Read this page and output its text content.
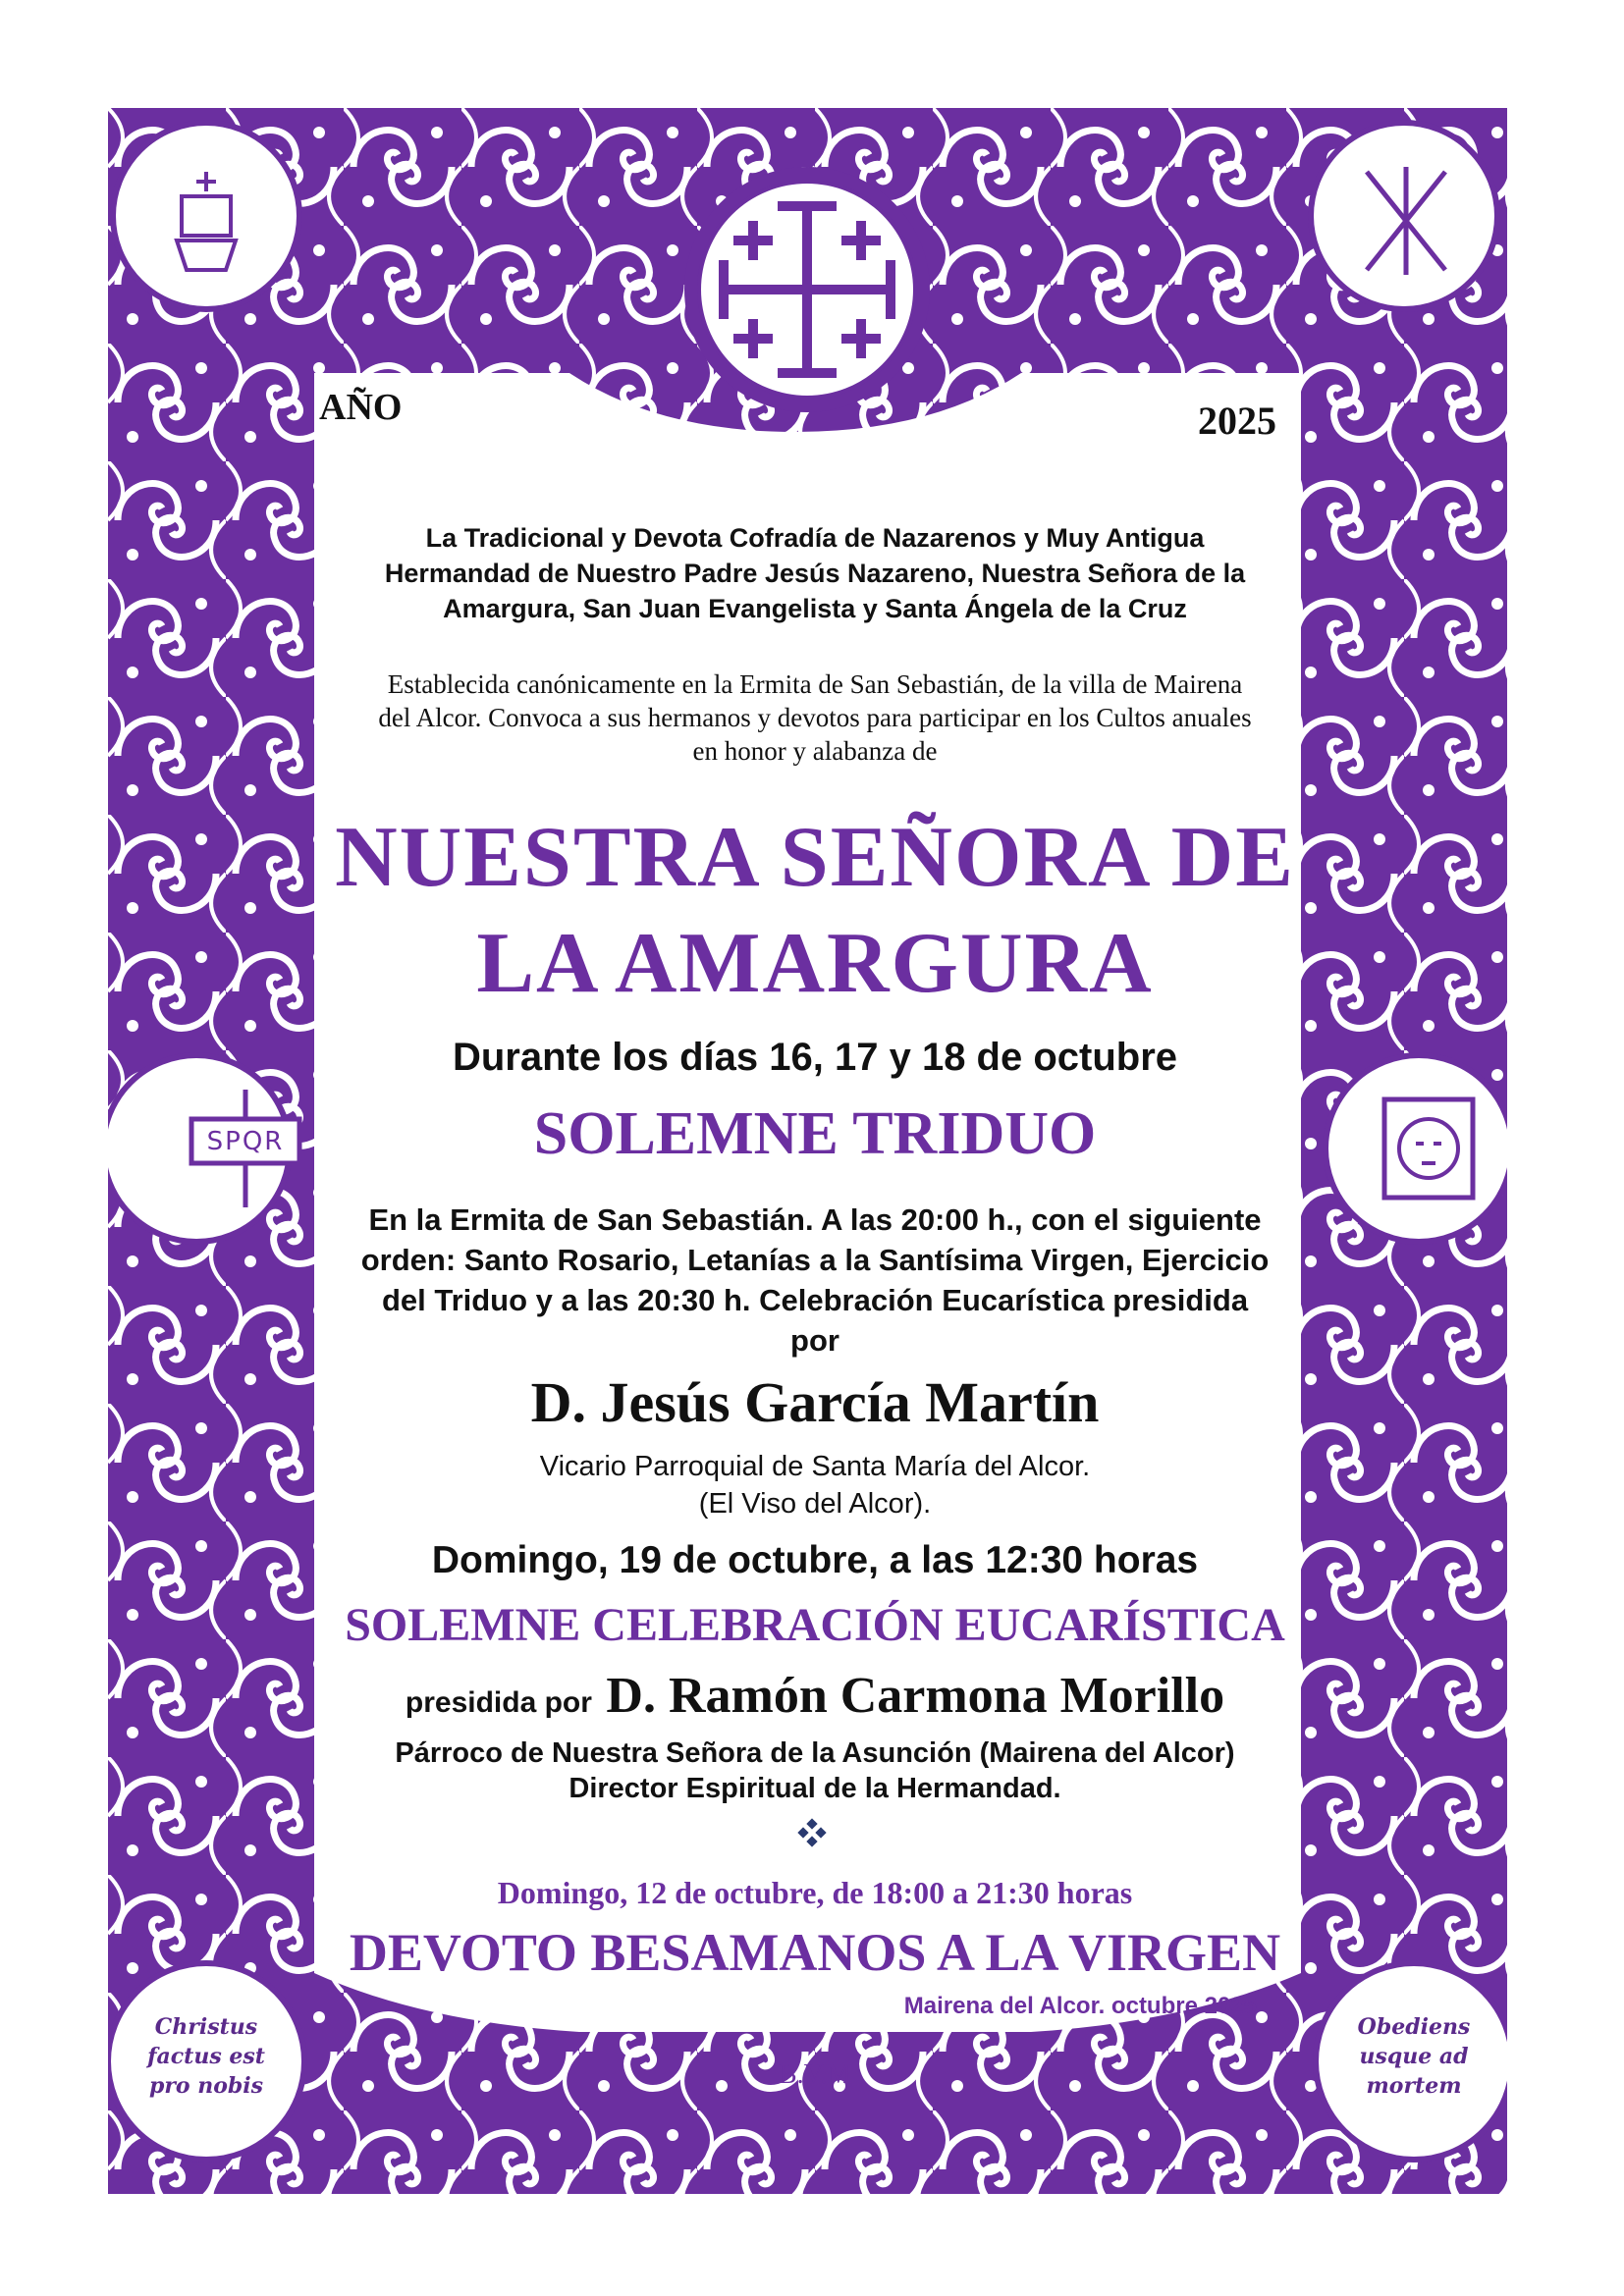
SPQR
Christus
factus est
pro nobis
Obediens
usque ad
mortem
AÑO	2025
La Tradicional y Devota Cofradía de Nazarenos y Muy Antigua
Hermandad de Nuestro Padre Jesús Nazareno, Nuestra Señora de la
Amargura, San Juan Evangelista y Santa Ángela de la Cruz
Establecida canónicamente en la Ermita de San Sebastián, de la villa de Mairena
del Alcor. Convoca a sus hermanos y devotos para participar en los Cultos anuales
en honor y alabanza de
NUESTRA SEÑORA DE
LA AMARGURA
Durante los días 16, 17 y 18 de octubre
SOLEMNE TRIDUO
En la Ermita de San Sebastián. A las 20:00 h., con el siguiente
orden: Santo Rosario, Letanías a la Santísima Virgen, Ejercicio
del Triduo y a las 20:30 h. Celebración Eucarística presidida
por
D. Jesús García Martín
Vicario Parroquial de Santa María del Alcor.
(El Viso del Alcor).
Domingo, 19 de octubre, a las 12:30 horas
SOLEMNE CELEBRACIÓN EUCARÍSTICA
presidida por D. Ramón Carmona Morillo
Párroco de Nuestra Señora de la Asunción (Mairena del Alcor)
Director Espiritual de la Hermandad.
Domingo, 12 de octubre, de 18:00 a 21:30 horas
DEVOTO BESAMANOS A LA VIRGEN
Mairena del Alcor. octubre 2025
B.V.M
